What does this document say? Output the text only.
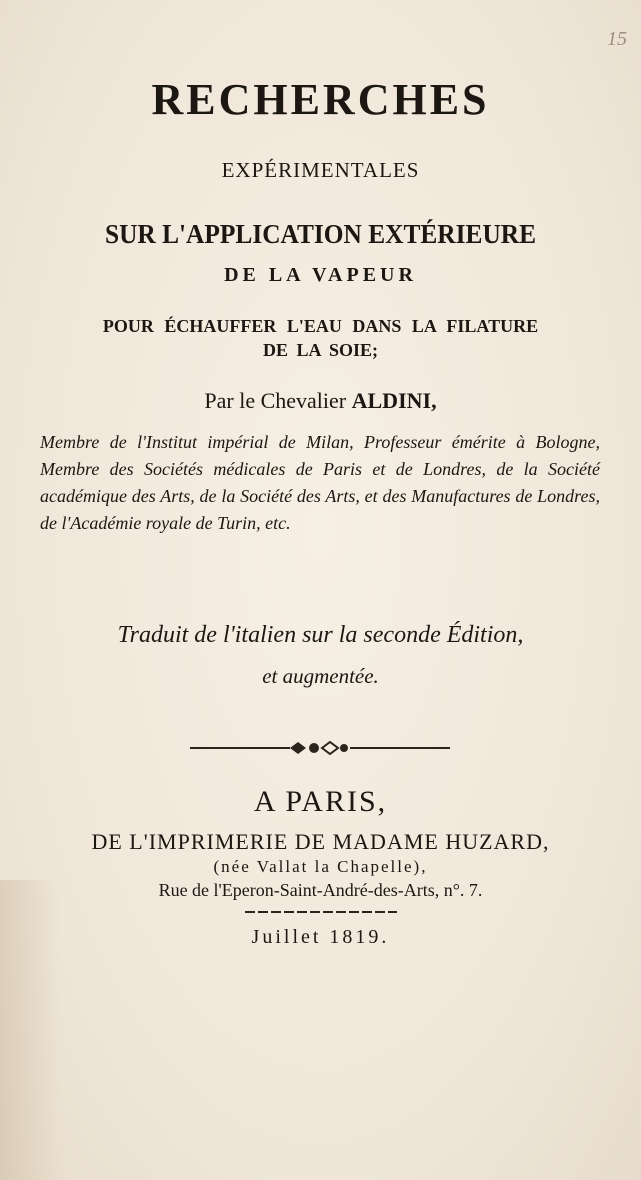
15
RECHERCHES
EXPÉRIMENTALES
SUR L'APPLICATION EXTÉRIEURE
DE LA VAPEUR
POUR ÉCHAUFFER L'EAU DANS LA FILATURE
DE LA SOIE;
Par le Chevalier ALDINI,
Membre de l'Institut impérial de Milan, Professeur émérite à Bologne, Membre des Sociétés médicales de Paris et de Londres, de la Société académique des Arts, de la Société des Arts, et des Manufactures de Londres, de l'Académie royale de Turin, etc.
Traduit de l'italien sur la seconde Édition,
et augmentée.
A PARIS,
DE L'IMPRIMERIE DE MADAME HUZARD,
(née Vallat la Chapelle),
Rue de l'Eperon-Saint-André-des-Arts, n°. 7.
Juillet 1819.
